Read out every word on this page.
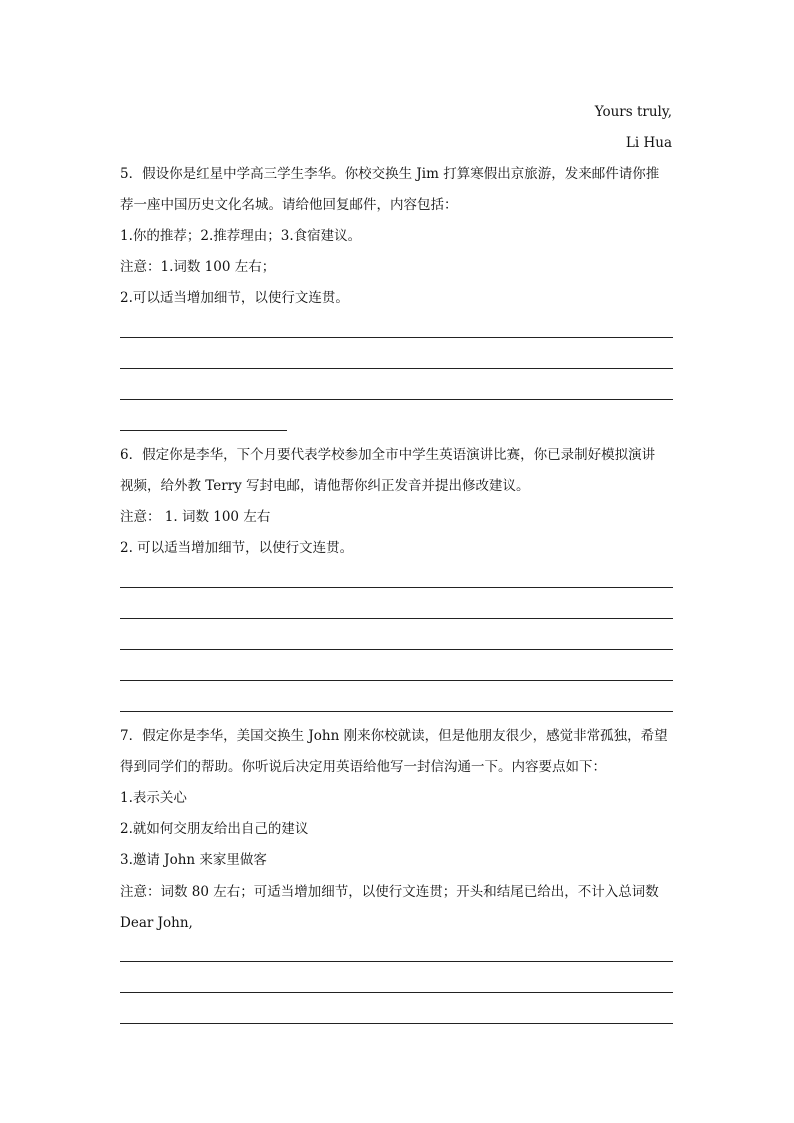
Yours truly,
Li Hua
5．假设你是红星中学高三学生李华。你校交换生 Jim 打算寒假出京旅游，发来邮件请你推
荐一座中国历史文化名城。请给他回复邮件，内容包括：
1.你的推荐；2.推荐理由；3.食宿建议。
注意：1.词数 100 左右；
2.可以适当增加细节，以使行文连贯。
6．假定你是李华，下个月要代表学校参加全市中学生英语演讲比赛，你已录制好模拟演讲
视频，给外教 Terry 写封电邮，请他帮你纠正发音并提出修改建议。
注意： 1. 词数 100 左右
2. 可以适当增加细节，以使行文连贯。
7．假定你是李华，美国交换生 John 刚来你校就读，但是他朋友很少，感觉非常孤独，希望
得到同学们的帮助。你听说后决定用英语给他写一封信沟通一下。内容要点如下：
1.表示关心
2.就如何交朋友给出自己的建议
3.邀请 John 来家里做客
注意：词数 80 左右；可适当增加细节，以使行文连贯；开头和结尾已给出，不计入总词数
Dear John,
